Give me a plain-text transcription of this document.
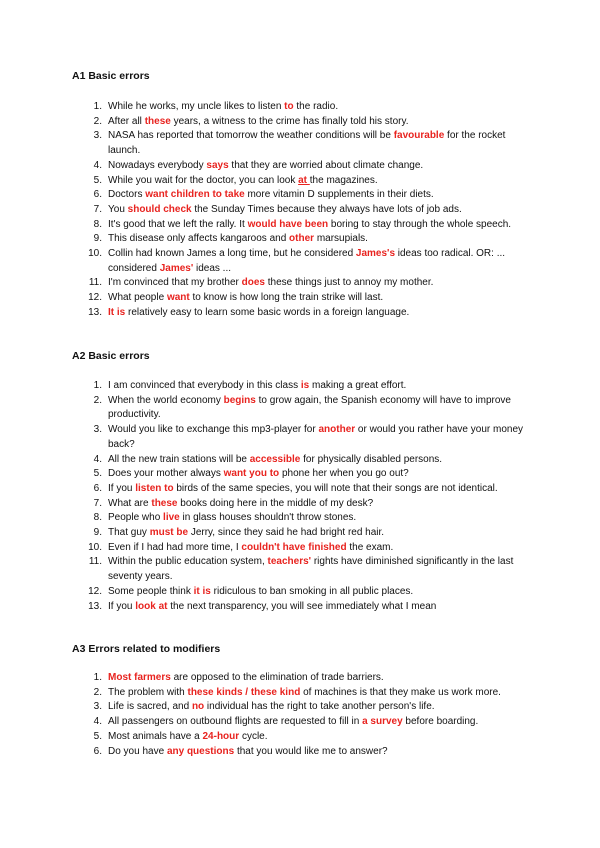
A1 Basic errors
1. While he works, my uncle likes to listen to the radio.
2. After all these years, a witness to the crime has finally told his story.
3. NASA has reported that tomorrow the weather conditions will be favourable for the rocket launch.
4. Nowadays everybody says that they are worried about climate change.
5. While you wait for the doctor, you can look at the magazines.
6. Doctors want children to take more vitamin D supplements in their diets.
7. You should check the Sunday Times because they always have lots of job ads.
8. It's good that we left the rally. It would have been boring to stay through the whole speech.
9. This disease only affects kangaroos and other marsupials.
10. Collin had known James a long time, but he considered James's ideas too radical. OR: ... considered James' ideas ...
11. I'm convinced that my brother does these things just to annoy my mother.
12. What people want to know is how long the train strike will last.
13. It is relatively easy to learn some basic words in a foreign language.
A2 Basic errors
1. I am convinced that everybody in this class is making a great effort.
2. When the world economy begins to grow again, the Spanish economy will have to improve productivity.
3. Would you like to exchange this mp3-player for another or would you rather have your money back?
4. All the new train stations will be accessible for physically disabled persons.
5. Does your mother always want you to phone her when you go out?
6. If you listen to birds of the same species, you will note that their songs are not identical.
7. What are these books doing here in the middle of my desk?
8. People who live in glass houses shouldn't throw stones.
9. That guy must be Jerry, since they said he had bright red hair.
10. Even if I had had more time, I couldn't have finished the exam.
11. Within the public education system, teachers' rights have diminished significantly in the last seventy years.
12. Some people think it is ridiculous to ban smoking in all public places.
13. If you look at the next transparency, you will see immediately what I mean
A3 Errors related to modifiers
1. Most farmers are opposed to the elimination of trade barriers.
2. The problem with these kinds / these kind of machines is that they make us work more.
3. Life is sacred, and no individual has the right to take another person's life.
4. All passengers on outbound flights are requested to fill in a survey before boarding.
5. Most animals have a 24-hour cycle.
6. Do you have any questions that you would like me to answer?
